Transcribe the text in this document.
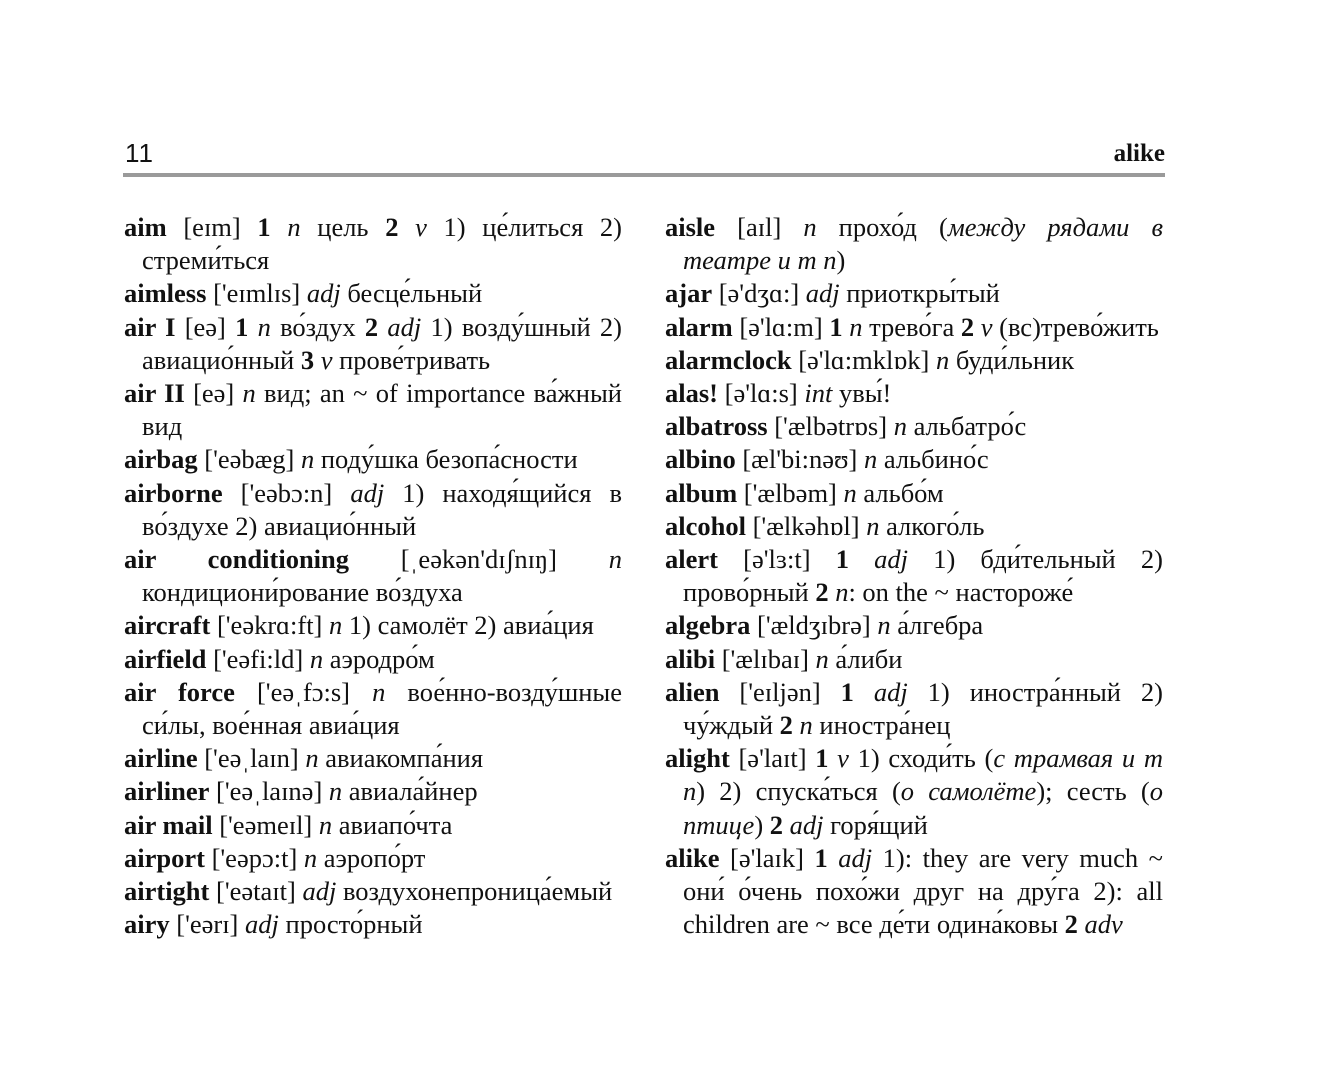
11	alike

aim [eɪm] 1 n цель 2 v 1) це́литься 2) стреми́ться

aimless ['eɪmlɪs] adj бесце́льный

air I [eə] 1 n во́здух 2 adj 1) возду́шный 2) авиацио́нный 3 v прове́тривать

air II [eə] n вид; an ~ of importance ва́жный вид

airbag ['eəbæg] n поду́шка безопа́сности

airborne ['eəbɔ:n] adj 1) находя́щийся в во́здухе 2) авиацио́нный

air conditioning [ˌeəkən'dɪʃnɪŋ] n кондициони́рование во́здуха

aircraft ['eəkrɑ:ft] n 1) самолёт 2) авиа́ция

airfield ['eəfi:ld] n аэродро́м

air force ['eəˌfɔ:s] n вое́нно-возду́шные си́лы, вое́нная авиа́ция

airline ['eəˌlaɪn] n авиакомпа́ния

airliner ['eəˌlaɪnə] n авиала́йнер

air mail ['eəmeɪl] n авиапо́чта

airport ['eəpɔ:t] n аэропо́рт

airtight ['eətaɪt] adj воздухонепроница́емый

airy ['eərɪ] adj просто́рный

aisle [aɪl] n прохо́д (между рядами в театре и т п)

ajar [ə'dʒɑ:] adj приоткры́тый

alarm [ə'lɑ:m] 1 n трево́га 2 v (вс)трево́жить

alarmclock [ə'lɑ:mklɒk] n буди́льник

alas! [ə'lɑ:s] int увы́!

albatross ['ælbətrɒs] n альбатро́с

albino [æl'bi:nəʊ] n альбино́с

album ['ælbəm] n альбо́м

alcohol ['ælkəhɒl] n алкого́ль

alert [ə'lɜ:t] 1 adj 1) бди́тельный 2) прово́рный 2 n: on the ~ настороже́

algebra ['ældʒɪbrə] n а́лгебра

alibi ['ælɪbaɪ] n а́либи

alien ['eɪljən] 1 adj 1) иностра́нный 2) чу́ждый 2 n иностра́нец

alight [ə'laɪt] 1 v 1) сходи́ть (с трамвая и т п) 2) спуска́ться (о самолёте); сесть (о птице) 2 adj горя́щий

alike [ə'laɪk] 1 adj 1): they are very much ~ они́ о́чень похо́жи друг на дру́га 2): all children are ~ все де́ти одина́ковы 2 adv
